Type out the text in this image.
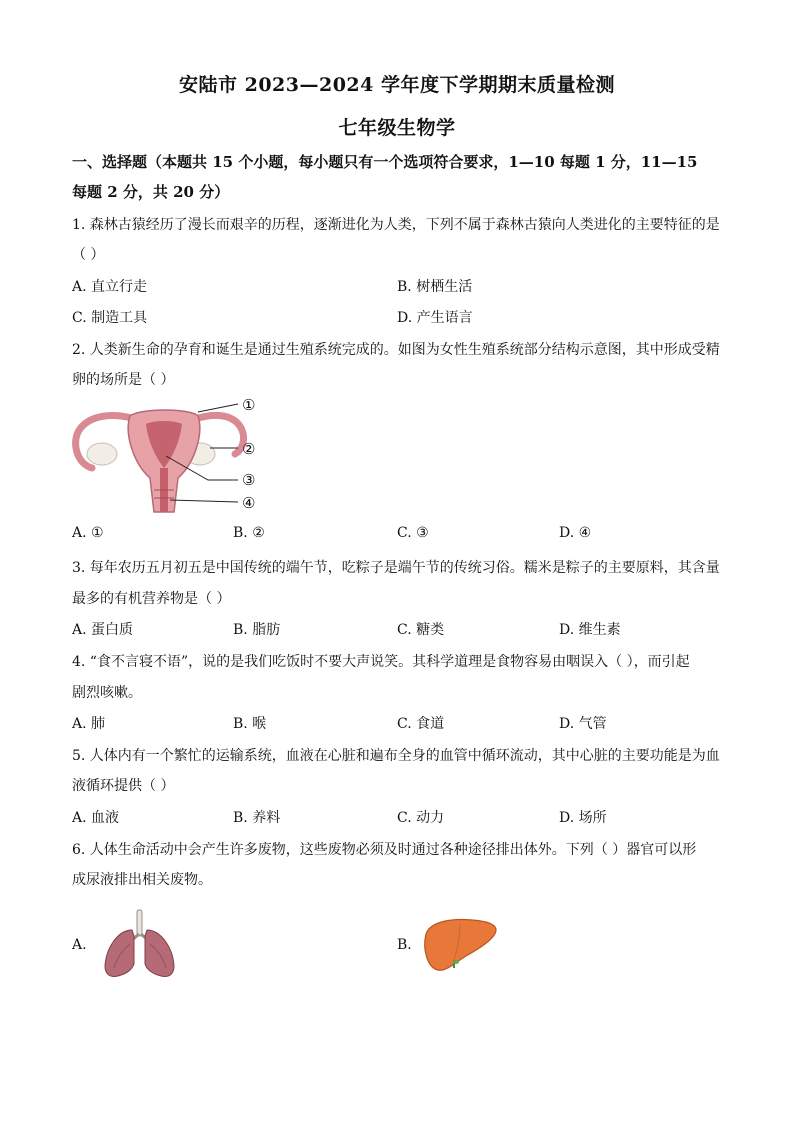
安陆市 2023—2024 学年度下学期期末质量检测
七年级生物学
一、选择题（本题共 15 个小题，每小题只有一个选项符合要求，1—10 每题 1 分，11—15
每题 2 分，共 20 分）
1. 森林古猿经历了漫长而艰辛的历程，逐渐进化为人类，下列不属于森林古猿向人类进化的主要特征的是
（ ）
A. 直立行走	B. 树栖生活
C. 制造工具	D. 产生语言
2. 人类新生命的孕育和诞生是通过生殖系统完成的。如图为女性生殖系统部分结构示意图，其中形成受精
卵的场所是（ ）
①
②
③
④
A. ①	B. ②	C. ③	D. ④
3. 每年农历五月初五是中国传统的端午节，吃粽子是端午节的传统习俗。糯米是粽子的主要原料，其含量
最多的有机营养物是（ ）
A. 蛋白质	B. 脂肪	C. 糖类	D. 维生素
4. “食不言寝不语”，说的是我们吃饭时不要大声说笑。其科学道理是食物容易由咽误入（ ），而引起
剧烈咳嗽。
A. 肺	B. 喉	C. 食道	D. 气管
5. 人体内有一个繁忙的运输系统，血液在心脏和遍布全身的血管中循环流动，其中心脏的主要功能是为血
液循环提供（ ）
A. 血液	B. 养料	C. 动力	D. 场所
6. 人体生命活动中会产生许多废物，这些废物必须及时通过各种途径排出体外。下列（ ）器官可以形
成尿液排出相关废物。
A.	B.
